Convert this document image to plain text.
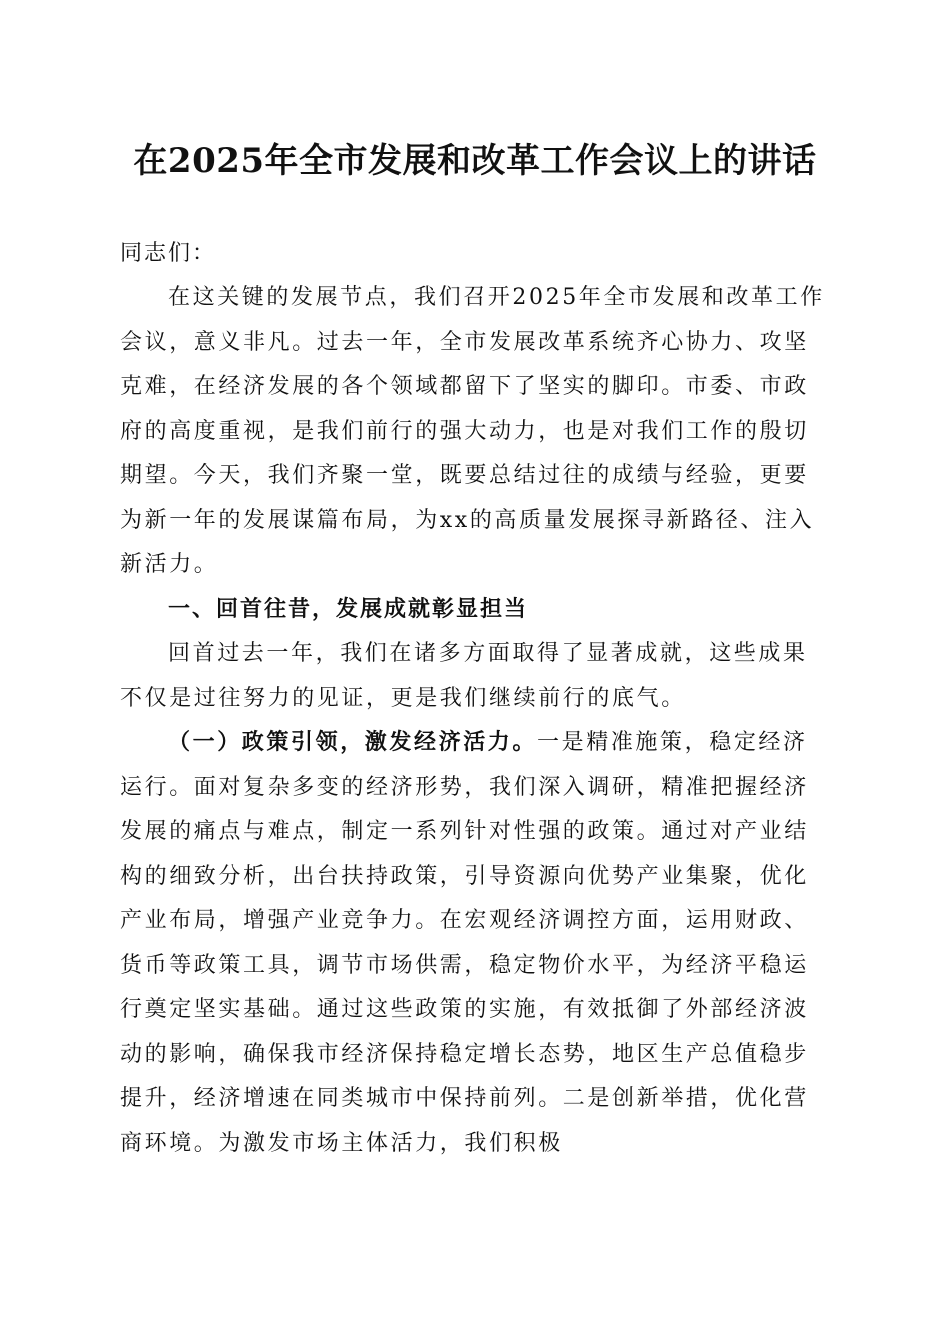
在2025年全市发展和改革工作会议上的讲话

同志们：

在这关键的发展节点，我们召开2025年全市发展和改革工作会议，意义非凡。过去一年，全市发展改革系统齐心协力、攻坚克难，在经济发展的各个领域都留下了坚实的脚印。市委、市政府的高度重视，是我们前行的强大动力，也是对我们工作的殷切期望。今天，我们齐聚一堂，既要总结过往的成绩与经验，更要为新一年的发展谋篇布局，为xx的高质量发展探寻新路径、注入新活力。

一、回首往昔，发展成就彰显担当

回首过去一年，我们在诸多方面取得了显著成就，这些成果不仅是过往努力的见证，更是我们继续前行的底气。

（一）政策引领，激发经济活力。一是精准施策，稳定经济运行。面对复杂多变的经济形势，我们深入调研，精准把握经济发展的痛点与难点，制定一系列针对性强的政策。通过对产业结构的细致分析，出台扶持政策，引导资源向优势产业集聚，优化产业布局，增强产业竞争力。在宏观经济调控方面，运用财政、货币等政策工具，调节市场供需，稳定物价水平，为经济平稳运行奠定坚实基础。通过这些政策的实施，有效抵御了外部经济波动的影响，确保我市经济保持稳定增长态势，地区生产总值稳步提升，经济增速在同类城市中保持前列。二是创新举措，优化营商环境。为激发市场主体活力，我们积极
